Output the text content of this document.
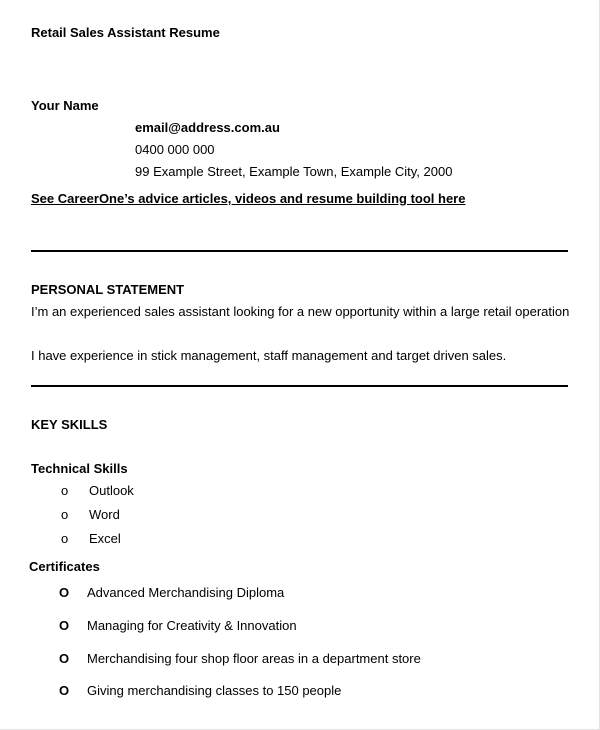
Retail Sales Assistant Resume
Your Name
email@address.com.au
0400 000 000
99 Example Street, Example Town, Example City, 2000
See CareerOne’s advice articles, videos and resume building tool here
PERSONAL STATEMENT
I’m an experienced sales assistant looking for a new opportunity within a large retail operation
I have experience in stick management, staff management and target driven sales.
KEY SKILLS
Technical Skills
o Outlook
o Word
o Excel
Certificates
O Advanced Merchandising Diploma
O Managing for Creativity & Innovation
O Merchandising four shop floor areas in a department store
O Giving merchandising classes to 150 people
